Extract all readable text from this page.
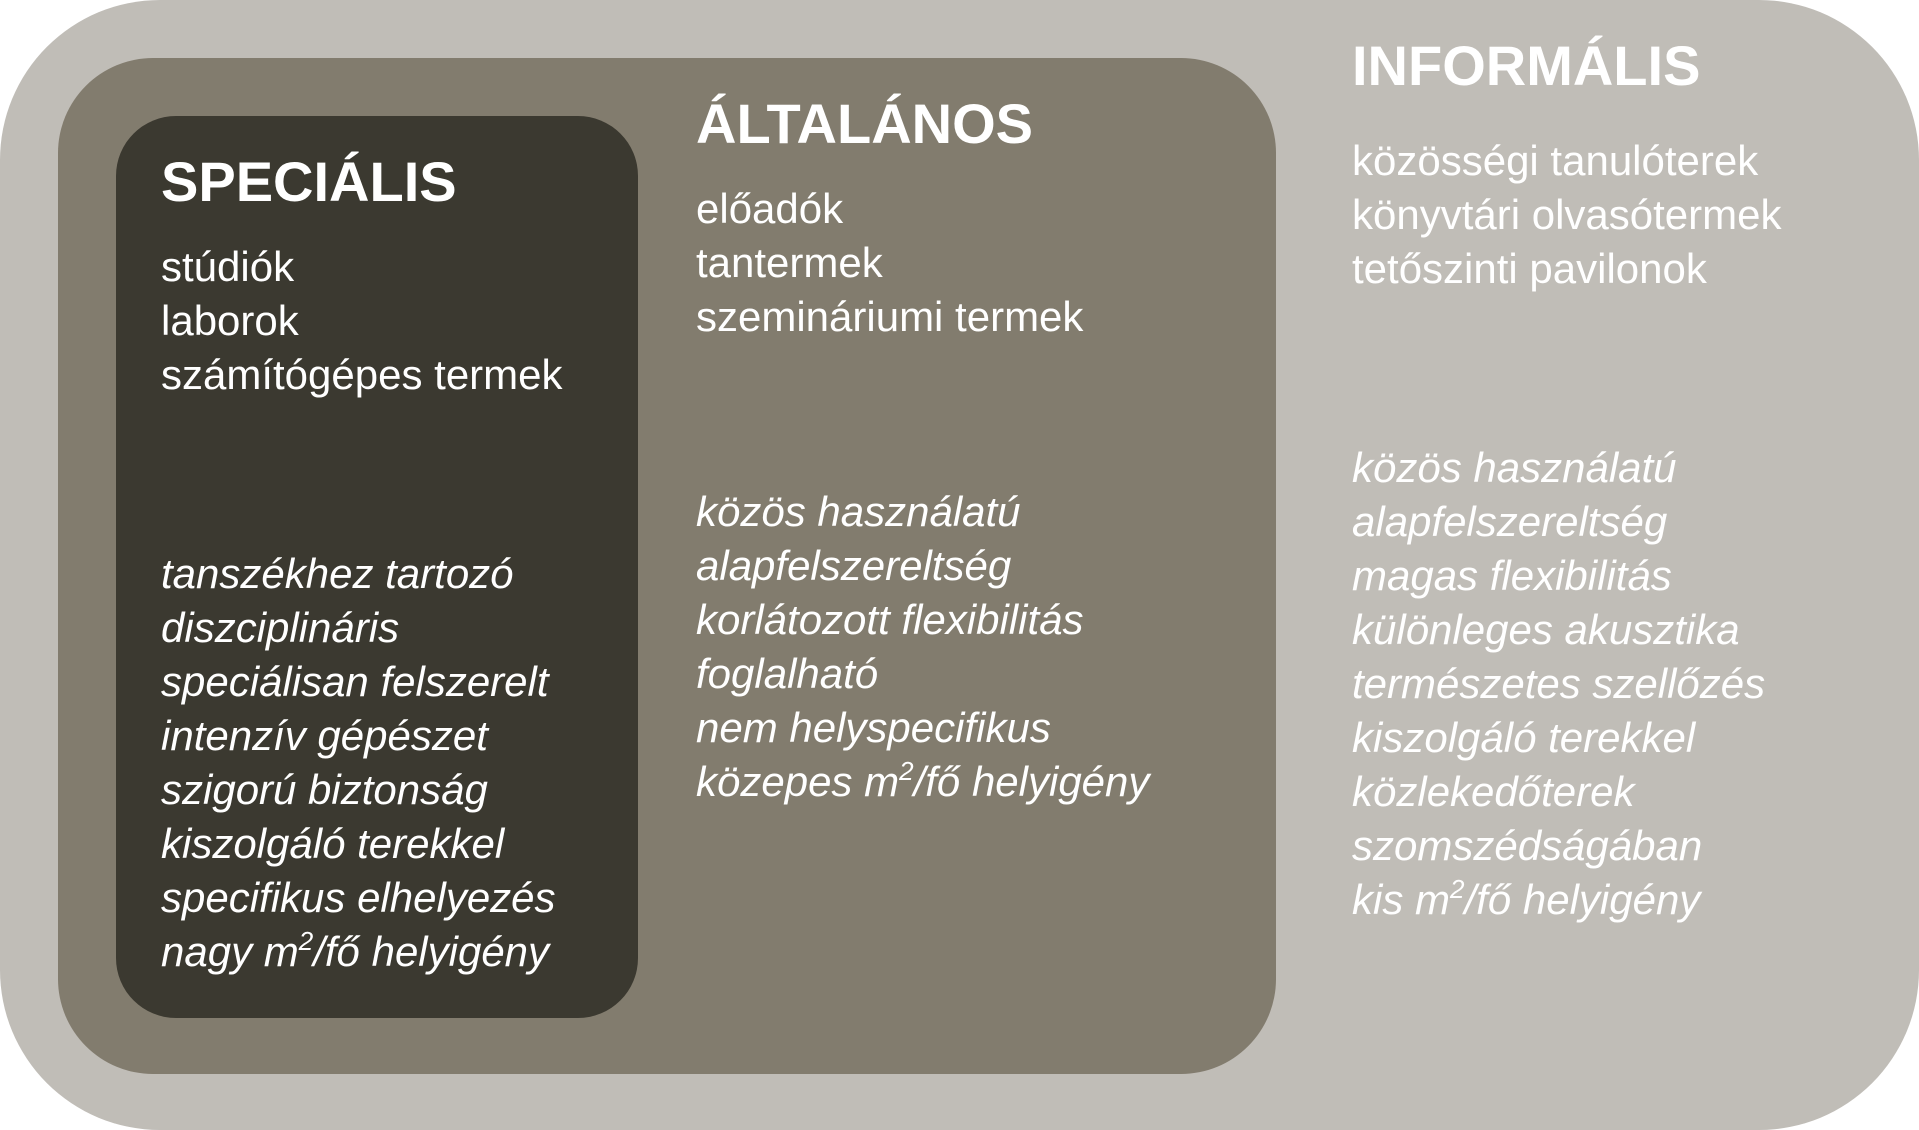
SPECIÁLIS
stúdiók
laborok
számítógépes termek
tanszékhez tartozó
diszciplináris
speciálisan felszerelt
intenzív gépészet
szigorú biztonság
kiszolgáló terekkel
specifikus elhelyezés
nagy $m^2/fő$ helyigény
ÁLTALÁNOS
előadók
tantermek
szemináriumi termek
közös használatú
alapfelszereltség
korlátozott flexibilitás
foglalható
nem helyspecifikus
közepes $m^2/fő$ helyigény
INFORMÁLIS
közösségi tanulóterek
könyvtári olvasótermek
tetőszinti pavilonok
közös használatú
alapfelszereltség
magas flexibilitás
különleges akusztika
természetes szellőzés
kiszolgáló terekkel
közlekedőterek
szomszédságában
kis $m^2/fő$ helyigény
